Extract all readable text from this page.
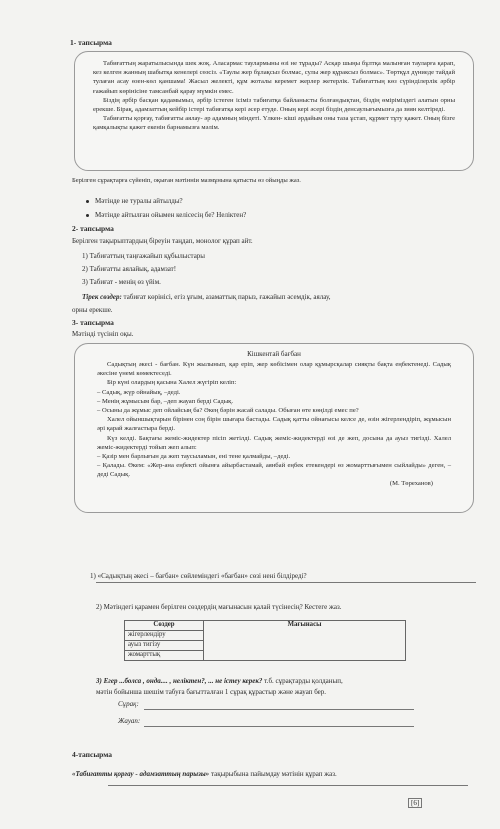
1- тапсырма

Табиғаттың жаратылысында шек жоқ. Аласармас таулармыны өзі не тұрады? Асқар шыңы бұлтқа малынған тауларға қарап, кез келген жанның шабытқа кенелері сөзсіз. «Таулы жер бұлақсыз болмас, сулы жер құраксыз болмас». Төртқұл дүниеде тайдай тулаған асау өзен-көл қаншама! Жасыл желекті, құм жоталы керемет жерлер жетерлік. Табиғаттың көз сүрінділерлік әрбір ғажайып көрінісіне тамсанбай қарау мүмкін емес.

Біздің әрбір басқан қадамымыз, әрбір істеген ісіміз табиғатқа байланысты болғандықтан, біздің өміріміздегі алатын орны ерекше. Бірақ, адамзаттың кейбір істері табиғатқа кері әсер етуде. Оның кері әсері біздің денсаулығымызға да зиян келтіреді.

Табиғатты қорғау, табиғатты аялау- әр адамның міндеті. Үлкен- кіші әрдайым оны таза ұстап, құрмет тұту қажет. Оның бізге қамқалықты қажет екенін барнамызға мәлім.

Берілген сұрақтарға сүйеніп, оқыған мәтінніи мазмұнына қатысты өз ойыңды жаз.
Мәтінде не туралы айтылды?
Мәтінде айтылған ойымен келісесің бе? Неліктен?
2- тапсырма
Берілген тақырыптардың біреуін таңдап, монолог құрап айт.
1) Табиғаттың таңғажайып құбылыстары
2) Табиғатты аялайық, адамзат!
3) Табиғат - менің өз үйім.
Тірек сөздер: табиғат көрінісі, егіз ұғым, азаматтық парыз, ғажайып әсемдік, аялау,
орны ерекше.
3- тапсырма
Мәтінді түсініп оқы.
Кішкентай бағбан

Садықтың әкесі - бағбан. Күн жылынып, қар еріп, жер көбісімен олар құмырсқалар сияқты бақта еңбектенеді. Садық әкесіне үнемі көмектеседі.

Бір күні олардың қасына Халел жүгіріп келіп:

– Садық, жүр ойнайық, –деді.

– Менің жұмысым бар, –деп жауап берді Садық.

– Осыны да жұмыс деп ойлайсың ба? Әкең бәрін жасай салады. Обыған өте көңілді емес пе?

Халел ойыншықтарын бірінен соң бірін шығара бастады. Садық қатты ойнағысы келсе де, өзін жігерлендіріп, жұмысын әрі қарай жалғастыра берді.

Күз келді. Бақтағы жеміс-жидектер пісіп жетілді. Садық жеміс-жидектерді өзі де жеп, досына да ауыз тигізді. Халел жеміс-жидектерді тойып жеп алып:

– Қазір мен барлығын да жеп таусыламын, енi тене қалмайды, –деді.

– Қалады. Өкем: «Жер-ана еңбекті ойынға айырбастамай, аянбай еңбек етекендері өз жомарттығымен сыйлайды» деген, – деді Садық.

(М. Төреханов)
1) «Садықтың әкесі – бағбан» сөйлеміндегі «бағбан» сөзі нені білдіреді?
2) Мәтіндегі қарамен берілген сөздердің мағынасын қалай түсінесің? Кестеге жаз.
Сөздер	Мағынасы
жігерлендіру
ауыз тигізу
жомарттық
3) Егер ...болса , онда.... , неліктен?, ... не істеу керек? т.б. сұрақтарды қолданып,
мәтін бойынша шешім табуға бағытталған 1 сұрақ құрастыр және жауап бер.
Сұрақ:
Жауап:
4-тапсырма
«Табиғатты қорғау - адамзаттың парызы» тақырыбына пайымдау мәтінін құрап жаз.
[6]
